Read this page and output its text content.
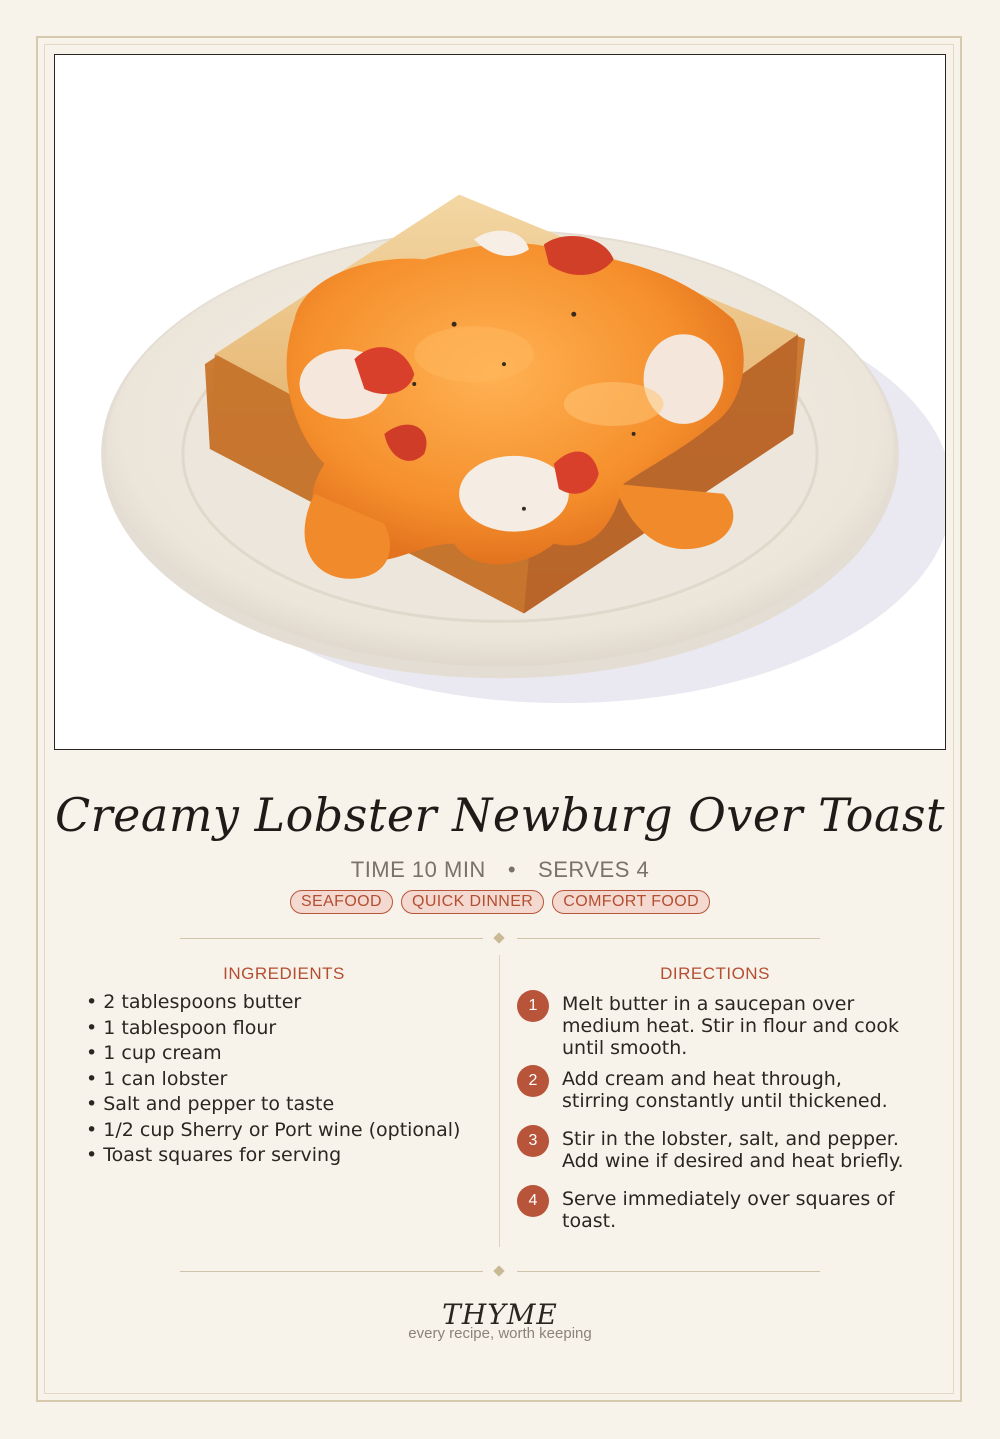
Creamy Lobster Newburg Over Toast
TIME 10 MIN • SERVES 4
SEAFOOD	QUICK DINNER	COMFORT FOOD
INGREDIENTS
• 2 tablespoons butter
• 1 tablespoon flour
• 1 cup cream
• 1 can lobster
• Salt and pepper to taste
• 1/2 cup Sherry or Port wine (optional)
• Toast squares for serving
DIRECTIONS
1	Melt butter in a saucepan over medium heat. Stir in flour and cook until smooth.
2	Add cream and heat through, stirring constantly until thickened.
3	Stir in the lobster, salt, and pepper. Add wine if desired and heat briefly.
4	Serve immediately over squares of toast.
THYME
every recipe, worth keeping
